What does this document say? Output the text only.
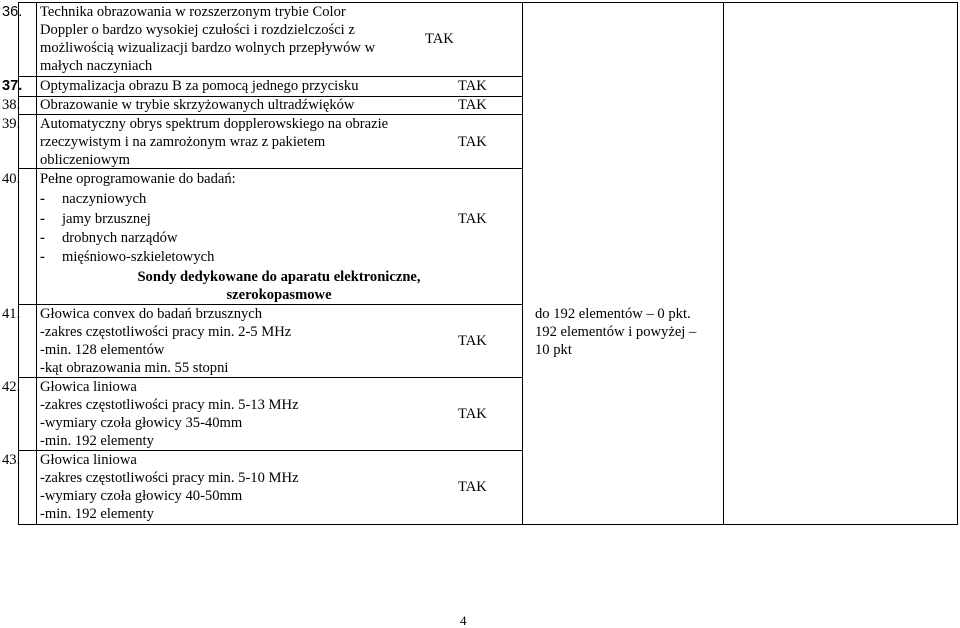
36. Technika obrazowania w rozszerzonym trybie Color
Doppler o bardzo wysokiej czułości i rozdzielczości z
możliwością wizualizacji bardzo wolnych przepływów w
małych naczyniach
TAK
37. Optymalizacja obrazu B za pomocą jednego przycisku	TAK
38. Obrazowanie w trybie skrzyżowanych ultradźwięków	TAK
39. Automatyczny obrys spektrum dopplerowskiego na obrazie
rzeczywistym i na zamrożonym wraz z pakietem
obliczeniowym
TAK
40. Pełne oprogramowanie do badań:
- naczyniowych
- jamy brzusznej
- drobnych narządów
- mięśniowo-szkieletowych
TAK
Sondy dedykowane do aparatu elektroniczne,
szerokopasmowe
41. Głowica convex do badań brzusznych
-zakres częstotliwości pracy min. 2-5 MHz
-min. 128 elementów
-kąt obrazowania min. 55 stopni
TAK
do 192 elementów – 0 pkt.
192 elementów i powyżej –
10 pkt
42. Głowica liniowa
-zakres częstotliwości pracy min. 5-13 MHz
-wymiary czoła głowicy 35-40mm
-min. 192 elementy
TAK
43. Głowica liniowa
-zakres częstotliwości pracy min. 5-10 MHz
-wymiary czoła głowicy 40-50mm
-min. 192 elementy
TAK
4
